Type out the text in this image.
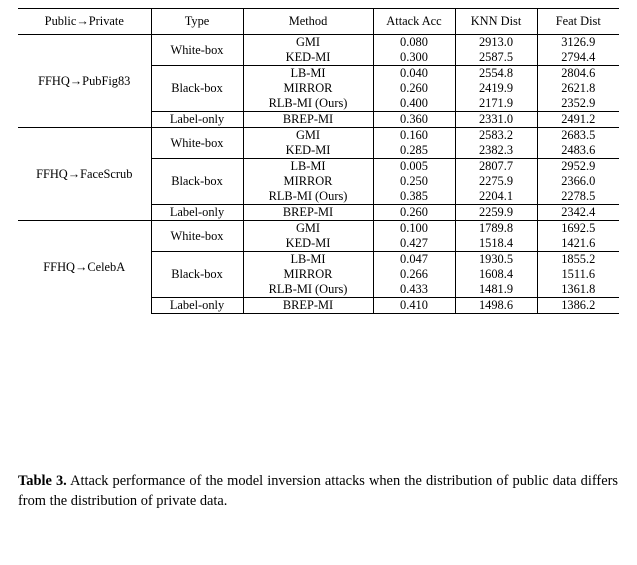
Public→Private	Type	Method	Attack Acc	KNN Dist	Feat Dist
FFHQ→PubFig83	White-box	GMI	0.080	2913.0	3126.9
		KED-MI	0.300	2587.5	2794.4
	Black-box	LB-MI	0.040	2554.8	2804.6
		MIRROR	0.260	2419.9	2621.8
		RLB-MI (Ours)	0.400	2171.9	2352.9
	Label-only	BREP-MI	0.360	2331.0	2491.2
FFHQ→FaceScrub	White-box	GMI	0.160	2583.2	2683.5
		KED-MI	0.285	2382.3	2483.6
	Black-box	LB-MI	0.005	2807.7	2952.9
		MIRROR	0.250	2275.9	2366.0
		RLB-MI (Ours)	0.385	2204.1	2278.5
	Label-only	BREP-MI	0.260	2259.9	2342.4
FFHQ→CelebA	White-box	GMI	0.100	1789.8	1692.5
		KED-MI	0.427	1518.4	1421.6
	Black-box	LB-MI	0.047	1930.5	1855.2
		MIRROR	0.266	1608.4	1511.6
		RLB-MI (Ours)	0.433	1481.9	1361.8
	Label-only	BREP-MI	0.410	1498.6	1386.2
Table 3. Attack performance of the model inversion attacks when the distribution of public data differs from the distribution of private data.
